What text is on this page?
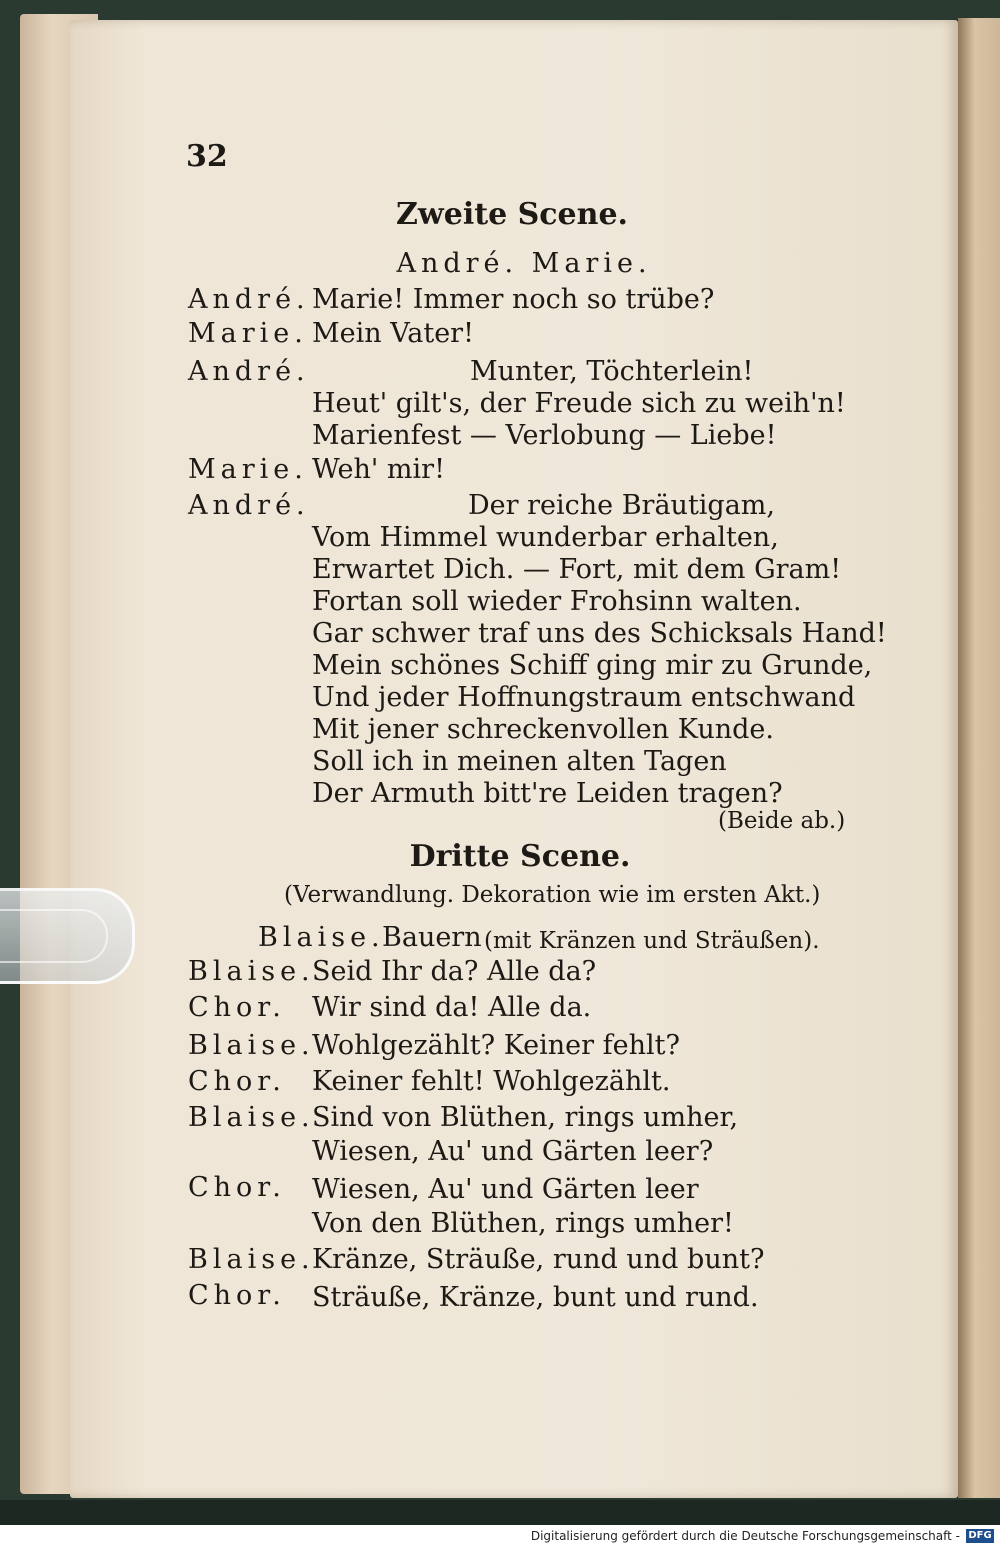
32
Zweite Scene.
André. Marie.
André. Marie! Immer noch so trübe?
Marie. Mein Vater!
André.	Munter, Töchterlein!
Heut' gilt's, der Freude sich zu weih'n!
Marienfest — Verlobung — Liebe!
Marie. Weh' mir!
André.	Der reiche Bräutigam,
Vom Himmel wunderbar erhalten,
Erwartet Dich. — Fort, mit dem Gram!
Fortan soll wieder Frohsinn walten.
Gar schwer traf uns des Schicksals Hand!
Mein schönes Schiff ging mir zu Grunde,
Und jeder Hoffnungstraum entschwand
Mit jener schreckenvollen Kunde.
Soll ich in meinen alten Tagen
Der Armuth bitt're Leiden tragen?
(Beide ab.)
Dritte Scene.
(Verwandlung. Dekoration wie im ersten Akt.)
Blaise.
Bauern (mit Kränzen und Sträußen).
Blaise.
Seid Ihr da? Alle da?
Chor. Wir sind da! Alle da.
Blaise.
Wohlgezählt? Keiner fehlt?
Chor. Keiner fehlt! Wohlgezählt.
Blaise.
Sind von Blüthen, rings umher,
Wiesen, Au' und Gärten leer?
Chor. Wiesen, Au' und Gärten leer
Von den Blüthen, rings umher!
Blaise.
Kränze, Sträuße, rund und bunt?
Chor. Sträuße, Kränze, bunt und rund.
Digitalisierung gefördert durch die Deutsche Forschungsgemeinschaft - DFG
